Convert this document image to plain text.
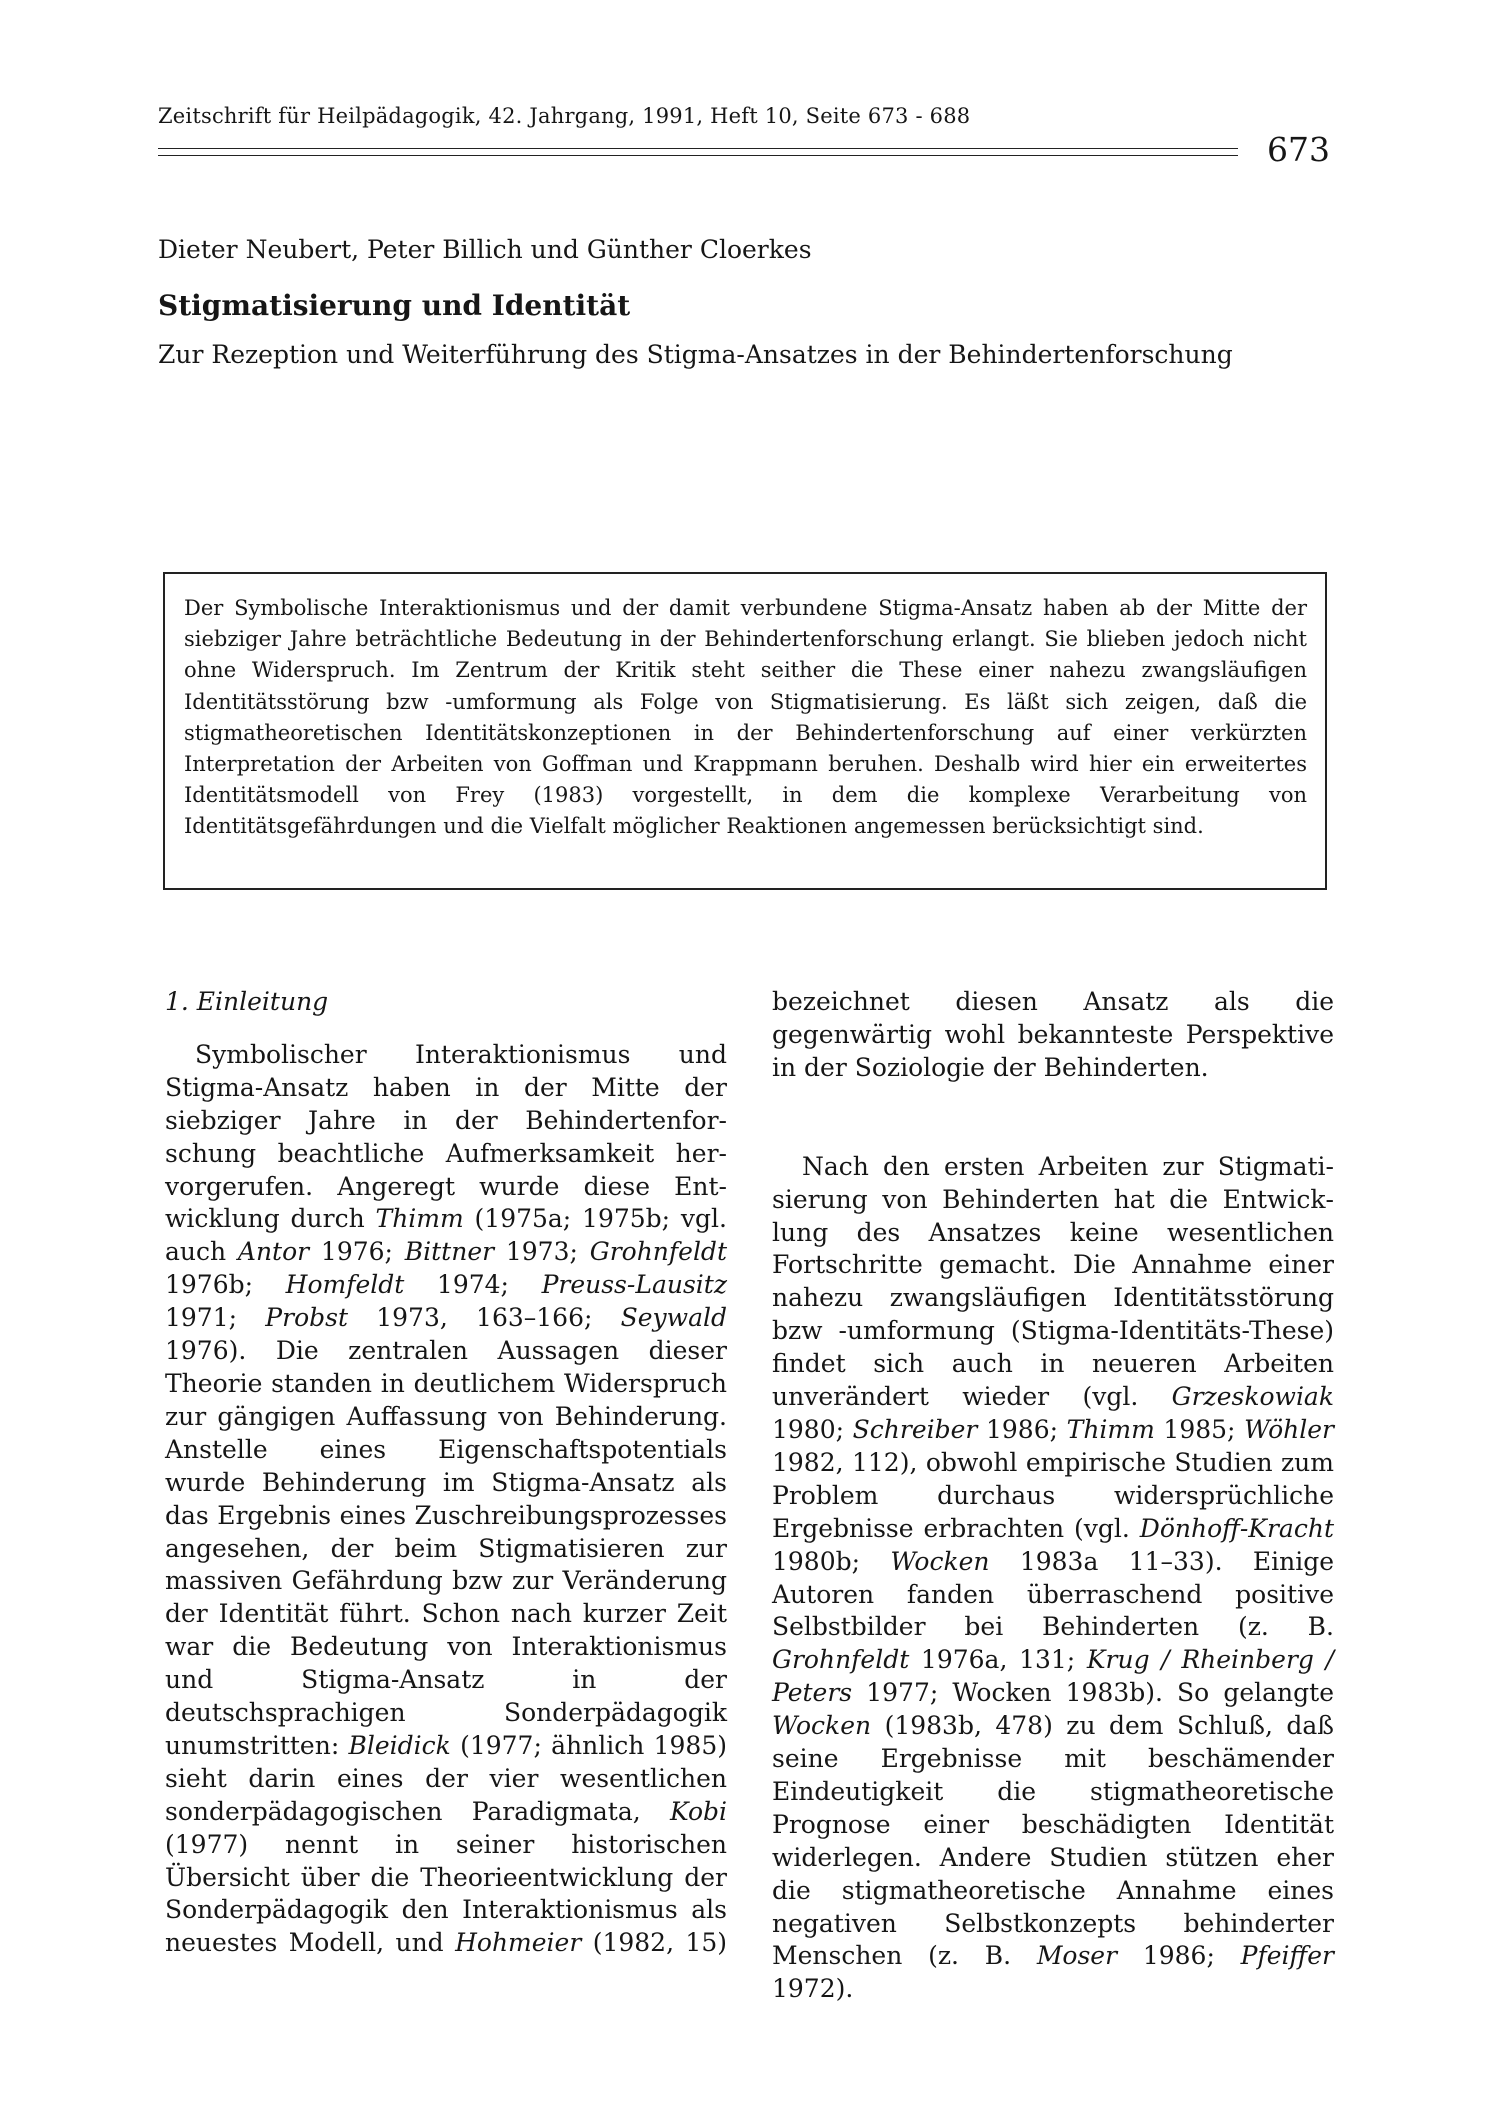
Zeitschrift für Heilpädagogik, 42. Jahrgang, 1991, Heft 10, Seite 673 - 688
673
Dieter Neubert, Peter Billich und Günther Cloerkes
Stigmatisierung und Identität
Zur Rezeption und Weiterführung des Stigma-Ansatzes in der Behindertenforschung

Der Symbolische Interaktionismus und der damit verbundene Stigma-Ansatz haben ab der Mitte der siebziger Jahre beträchtliche Bedeutung in der Behindertenforschung erlangt. Sie blieben jedoch nicht ohne Widerspruch. Im Zentrum der Kritik steht seither die These einer nahezu zwangsläufigen Identitätsstörung bzw -umformung als Folge von Stigmatisierung. Es läßt sich zeigen, daß die stigmatheoretischen Identitätskonzeptionen in der Behindertenforschung auf einer verkürzten Interpretation der Arbeiten von Goffman und Krappmann beruhen. Deshalb wird hier ein erweitertes Identitätsmodell von Frey (1983) vorgestellt, in dem die komplexe Verarbeitung von Identitätsgefährdungen und die Vielfalt möglicher Reaktionen angemessen berücksichtigt sind.

1. Einleitung

Symbolischer Interaktionismus und Stigma-Ansatz haben in der Mitte der siebziger Jahre in der Behindertenforschung beachtliche Aufmerksamkeit hervorgerufen. Angeregt wurde diese Entwicklung durch Thimm (1975a; 1975b; vgl. auch Antor 1976; Bittner 1973; Grohnfeldt 1976b; Homfeldt 1974; Preuss-Lausitz 1971; Probst 1973, 163–166; Seywald 1976). Die zentralen Aussagen dieser Theorie standen in deutlichem Widerspruch zur gängigen Auffassung von Behinderung. Anstelle eines Eigenschaftspotentials wurde Behinderung im Stigma-Ansatz als das Ergebnis eines Zuschreibungsprozesses angesehen, der beim Stigmatisieren zur massiven Gefährdung bzw zur Veränderung der Identität führt. Schon nach kurzer Zeit war die Bedeutung von Interaktionismus und Stigma-Ansatz in der deutschsprachigen Sonderpädagogik unumstritten: Bleidick (1977; ähnlich 1985) sieht darin eines der vier wesentlichen sonderpädagogischen Paradigmata, Kobi (1977) nennt in seiner historischen Übersicht über die Theorieentwicklung der Sonderpädagogik den Interaktionismus als neuestes Modell, und Hohmeier (1982, 15)

bezeichnet diesen Ansatz als die gegenwärtig wohl bekannteste Perspektive in der Soziologie der Behinderten.

Nach den ersten Arbeiten zur Stigmatisierung von Behinderten hat die Entwicklung des Ansatzes keine wesentlichen Fortschritte gemacht. Die Annahme einer nahezu zwangsläufigen Identitätsstörung bzw -umformung (Stigma-Identitäts-These) findet sich auch in neueren Arbeiten unverändert wieder (vgl. Grzeskowiak 1980; Schreiber 1986; Thimm 1985; Wöhler 1982, 112), obwohl empirische Studien zum Problem durchaus widersprüchliche Ergebnisse erbrachten (vgl. Dönhoff-Kracht 1980b; Wocken 1983a 11–33). Einige Autoren fanden überraschend positive Selbstbilder bei Behinderten (z. B. Grohnfeldt 1976a, 131; Krug / Rheinberg / Peters 1977; Wocken 1983b). So gelangte Wocken (1983b, 478) zu dem Schluß, daß seine Ergebnisse mit beschämender Eindeutigkeit die stigmatheoretische Prognose einer beschädigten Identität widerlegen. Andere Studien stützen eher die stigmatheoretische Annahme eines negativen Selbstkonzepts behinderter Menschen (z. B. Moser 1986; Pfeiffer 1972).
